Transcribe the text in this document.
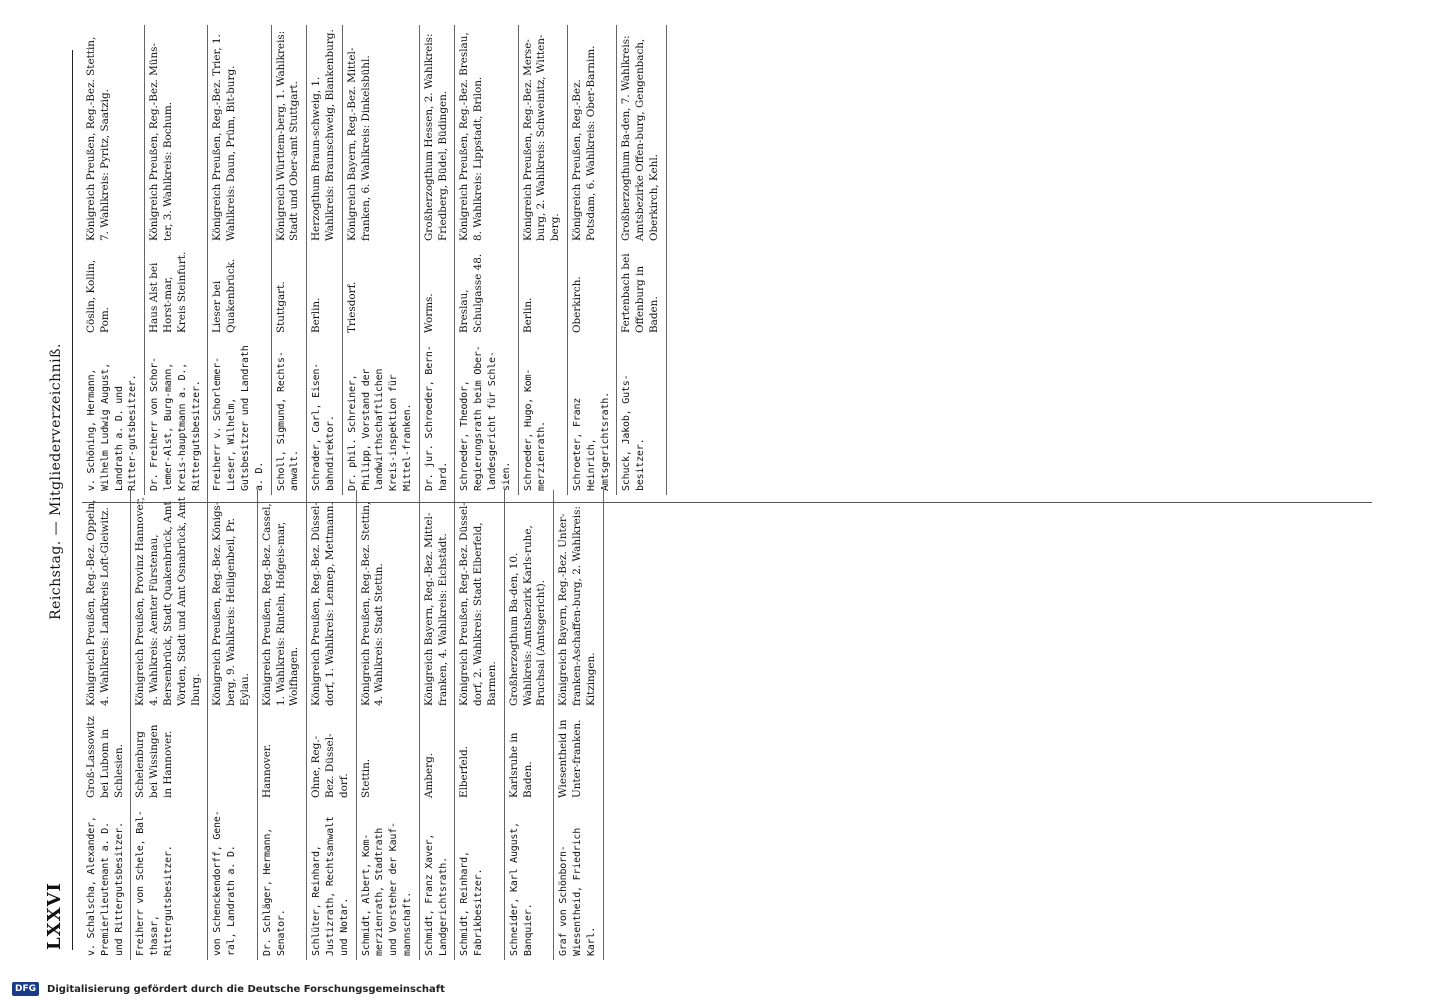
LXXVI
Reichstag. — Mitgliederverzeichniß.
v. Schalscha, Alexander, Premierlieutenant a. D. und Rittergutsbesitzer.
Groß-Lassowitz bei Lubom in Schlesien.
Königreich Preußen, Reg.-Bez. Oppeln, 4. Wahlkreis: Landkreis Loft-Gleiwitz.
Freiherr von Schele, Bal-thasar, Rittergutsbesitzer.
Schelenburg bei Wissingen in Hannover.
Königreich Preußen, Provinz Hannover, 4. Wahlkreis: Aemter Fürstenau, Bersenbrück, Stadt Quakenbrück, Amt Vörden, Stadt und Amt Osnabrück, Amt Iburg.
von Schenckendorff, Gene-ral, Landrath a. D.
Königreich Preußen, Reg.-Bez. Königs-berg, 9. Wahlkreis: Heiligenbeil, Pr. Eylau.
Dr. Schläger, Hermann, Senator.
Hannover.
Königreich Preußen, Reg.-Bez. Cassel, 1. Wahlkreis: Rinteln, Hofgeis-mar, Wolfhagen.
Schlüter, Reinhard, Justizrath, Rechtsanwalt und Notar.
Ohne, Reg.-Bez. Düssel-dorf.
Königreich Preußen, Reg.-Bez. Düssel-dorf, 1. Wahlkreis: Lennep, Mettmann.
Schmidt, Albert, Kom-merzienrath, Stadtrath und Vorsteher der Kauf-mannschaft.
Stettin.
Königreich Preußen, Reg.-Bez. Stettin, 4. Wahlkreis: Stadt Stettin.
Schmidt, Franz Xaver, Landgerichtsrath.
Amberg.
Königreich Bayern, Reg.-Bez. Mittel-franken, 4. Wahlkreis: Eichstädt.
Schmidt, Reinhard, Fabrikbesitzer.
Elberfeld.
Königreich Preußen, Reg.-Bez. Düssel-dorf, 2. Wahlkreis: Stadt Elberfeld, Barmen.
Schneider, Karl August, Banquier.
Karlsruhe in Baden.
Großherzogthum Ba-den, 10. Wahlkreis: Amtsbezirk Karls-ruhe, Bruchsal (Amtsgericht).
Graf von Schönborn-Wiesentheid, Friedrich Karl.
Wiesentheid in Unter-franken.
Königreich Bayern, Reg.-Bez. Unter-franken-Aschaffen-burg, 2. Wahlkreis: Kitzingen.
v. Schöning, Hermann, Wilhelm Ludwig August, Landrath a. D. und Ritter-gutsbesitzer.
Cöslin, Kollin, Pom.
Königreich Preußen, Reg.-Bez. Stettin, 7. Wahlkreis: Pyritz, Saatzig.
Dr. Freiherr von Schor-lemer-Alst, Burg-mann, Kreis-hauptmann a. D., Rittergutsbesitzer.
Haus Alst bei Horst-mar, Kreis Steinfurt.
Königreich Preußen, Reg.-Bez. Müns-ter, 3. Wahlkreis: Bochum.
Freiherr v. Schorlemer-Lieser, Wilhelm, Gutsbesitzer und Landrath a. D.
Lieser bei Quakenbrück.
Königreich Preußen, Reg.-Bez. Trier, 1. Wahlkreis: Daun, Prüm, Bit-burg.
Scholl, Sigmund, Rechts-anwalt.
Stuttgart.
Königreich Württem-berg, 1. Wahlkreis: Stadt und Ober-amt Stuttgart.
Schrader, Carl, Eisen-bahndirektor.
Berlin.
Herzogthum Braun-schweig, 1. Wahlkreis: Braunschweig, Blankenburg.
Dr. phil. Schreiner, Philipp, Vorstand der landwirthschaftlichen Kreis-inspektion für Mittel-franken.
Triesdorf.
Königreich Bayern, Reg.-Bez. Mittel-franken, 6. Wahlkreis: Dinkelsbühl.
Dr. jur. Schroeder, Bern-hard.
Worms.
Großherzogthum Hessen, 2. Wahlkreis: Friedberg, Büdel, Büdingen.
Schroeder, Theodor, Regierungsrath beim Ober-landesgericht für Schle-sien.
Breslau, Schulgasse 48.
Königreich Preußen, Reg.-Bez. Breslau, 8. Wahlkreis: Lippstadt, Brilon.
Schroeder, Hugo, Kom-merzienrath.
Berlin.
Königreich Preußen, Reg.-Bez. Merse-burg, 2. Wahlkreis: Schweinitz, Witten-berg.
Schroeter, Franz Heinrich, Amtsgerichtsrath.
Oberkirch.
Königreich Preußen, Reg.-Bez. Potsdam, 6. Wahlkreis: Ober-Barnim.
Schuck, Jakob, Guts-besitzer.
Fertenbach bei Offenburg in Baden.
Großherzogthum Ba-den, 7. Wahlkreis: Amtsbezirke Offen-burg, Gengenbach, Oberkirch, Kehl.
DFG	Digitalisierung gefördert durch die Deutsche Forschungsgemeinschaft
